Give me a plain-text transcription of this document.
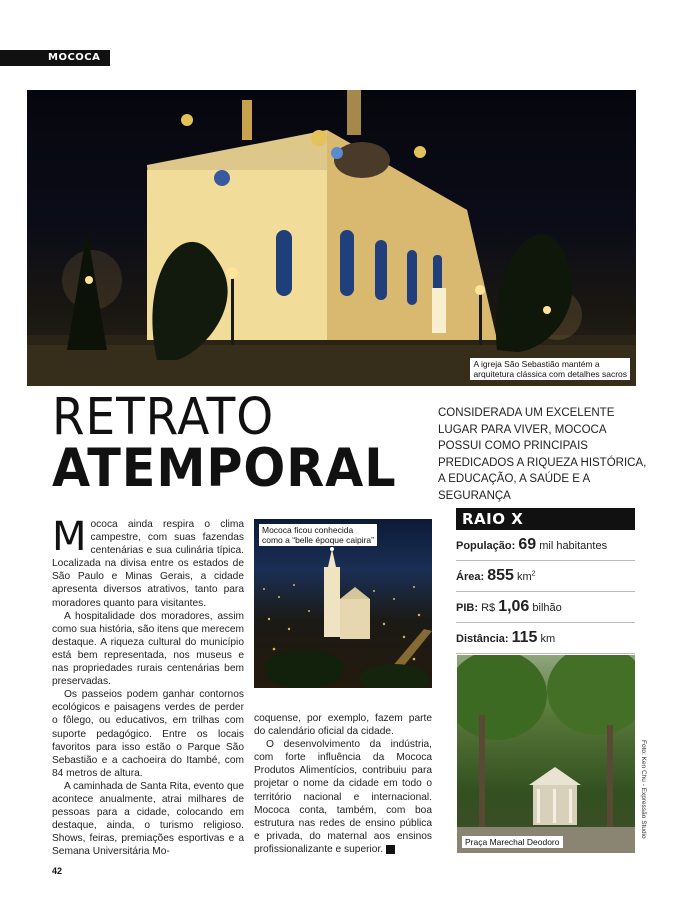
MOCOCA
A igreja São Sebastião mantém a
arquitetura clássica com detalhes sacros
RETRATO
ATEMPORAL
CONSIDERADA UM EXCELENTE LUGAR PARA VIVER, MOCOCA POSSUI COMO PRINCIPAIS PREDICADOS A RIQUEZA HISTÓRICA, A EDUCAÇÃO, A SAÚDE E A SEGURANÇA

Mococa ainda respira o clima campestre, com suas fazendas centenárias e sua culinária típica. Localizada na divisa entre os estados de São Paulo e Minas Gerais, a cidade apresenta diversos atrativos, tanto para moradores quanto para visitantes.

A hospitalidade dos moradores, assim como sua história, são itens que merecem destaque. A riqueza cultural do município está bem representada, nos museus e nas propriedades rurais centenárias bem preservadas.

Os passeios podem ganhar contornos ecológicos e paisagens verdes de perder o fôlego, ou educativos, em trilhas com suporte pedagógico. Entre os locais favoritos para isso estão o Parque São Sebastião e a cachoeira do Itambé, com 84 metros de altura.

A caminhada de Santa Rita, evento que acontece anualmente, atrai milhares de pessoas para a cidade, colocando em destaque, ainda, o turismo religioso. Shows, feiras, premiações esportivas e a Semana Universitária Mo-

Mococa ficou conhecida
como a “belle époque caipira”

coquense, por exemplo, fazem parte do calendário oficial da cidade.

O desenvolvimento da indústria, com forte influência da Mococa Produtos Alimentícios, contribuiu para projetar o nome da cidade em todo o território nacional e internacional. Mococa conta, também, com boa estrutura nas redes de ensino pública e privada, do maternal aos ensinos profissionalizante e superior. F

RAIO X
População: 69 mil habitantes
Área: 855 $km^2$
PIB: R$ 1,06 bilhão
Distância: 115 km
Praça Marechal Deodoro
Foto: Ken Chu - Expressão Studio
42
